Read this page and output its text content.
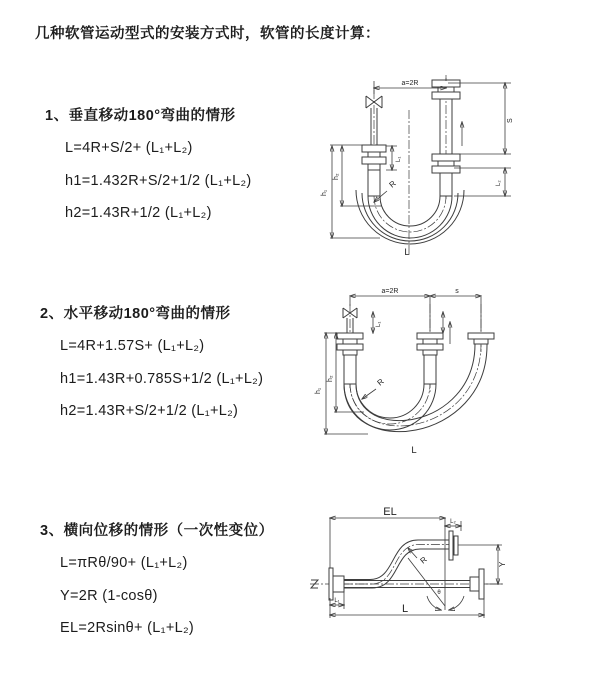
几种软管运动型式的安装方式时，软管的长度计算：
1、垂直移动180°弯曲的情形
L=4R+S/2+ (L₁+L₂)
h1=1.432R+S/2+1/2 (L₁+L₂)
h2=1.43R+1/2 (L₁+L₂)
2、水平移动180°弯曲的情形
L=4R+1.57S+ (L₁+L₂)
h1=1.43R+0.785S+1/2 (L₁+L₂)
h2=1.43R+S/2+1/2 (L₁+L₂)
3、横向位移的情形（一次性变位）
L=πRθ/90+ (L₁+L₂)
Y=2R (1-cosθ)
EL=2Rsinθ+ (L₁+L₂)
a=2R
h₁
h₂
L₁
S
L₂
R
L
a=2R	s
h₁
h₂
L₁
R
L
EL
L₂
Y
R
θ
L
L₁
